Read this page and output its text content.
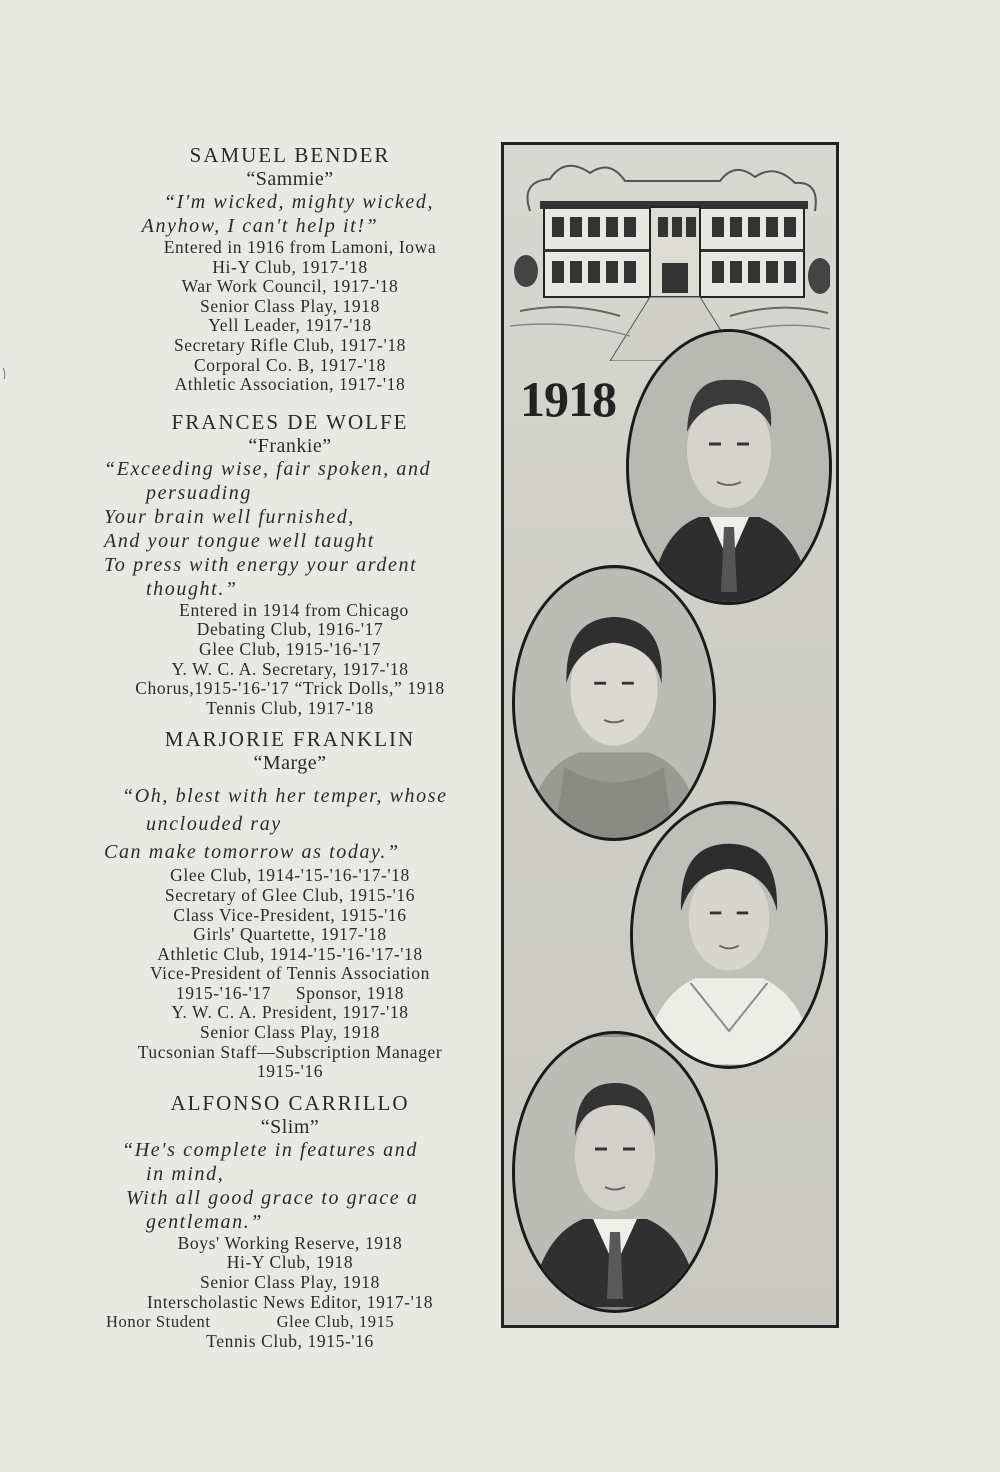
SAMUEL BENDER
“Sammie”
“I'm wicked, mighty wicked,
Anyhow, I can't help it!”
Entered in 1916 from Lamoni, Iowa
Hi-Y Club, 1917-'18
War Work Council, 1917-'18
Senior Class Play, 1918
Yell Leader, 1917-'18
Secretary Rifle Club, 1917-'18
Corporal Co. B, 1917-'18
Athletic Association, 1917-'18
FRANCES DE WOLFE
“Frankie”
“Exceeding wise, fair spoken, and
persuading
Your brain well furnished,
And your tongue well taught
To press with energy your ardent
thought.”
Entered in 1914 from Chicago
Debating Club, 1916-'17
Glee Club, 1915-'16-'17
Y. W. C. A. Secretary, 1917-'18
Chorus,1915-'16-'17 “Trick Dolls,” 1918
Tennis Club, 1917-'18
MARJORIE FRANKLIN
“Marge”
“Oh, blest with her temper, whose
unclouded ray
Can make tomorrow as today.”
Glee Club, 1914-'15-'16-'17-'18
Secretary of Glee Club, 1915-'16
Class Vice-President, 1915-'16
Girls' Quartette, 1917-'18
Athletic Club, 1914-'15-'16-'17-'18
Vice-President of Tennis Association
1915-'16-'17     Sponsor, 1918
Y. W. C. A. President, 1917-'18
Senior Class Play, 1918
Tucsonian Staff—Subscription Manager
1915-'16
ALFONSO CARRILLO
“Slim”
“He's complete in features and
in mind,
With all good grace to grace a
gentleman.”
Boys' Working Reserve, 1918
Hi-Y Club, 1918
Senior Class Play, 1918
Interscholastic News Editor, 1917-'18
Honor Student              Glee Club, 1915
Tennis Club, 1915-'16
1918
